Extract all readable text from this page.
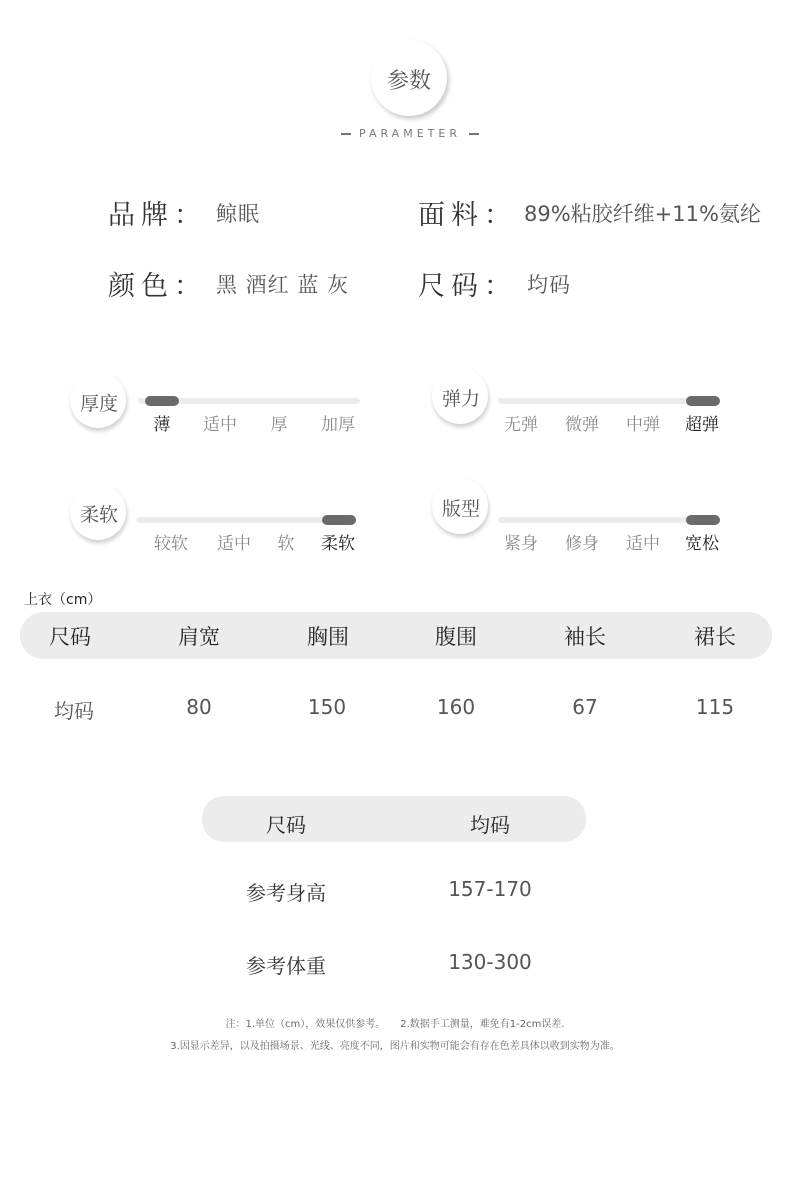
参数
PARAMETER
品牌： 鲸眠	面料： 89%粘胶纤维+11%氨纶
颜色： 黑 酒红 蓝 灰	尺码： 均码
厚度
薄	适中	厚	加厚
弹力
无弹	微弹	中弹	超弹
柔软
较软	适中	软	柔软
版型
紧身	修身	适中	宽松
上衣（cm）
尺码	肩宽	胸围	腹围	袖长	裙长
均码	80	150	160	67	115
尺码	均码
参考身高	157-170
参考体重	130-300
注：1.单位（cm），效果仅供参考。　　2.数据手工测量，难免有1-2cm误差.
3.因显示差异，以及拍摄场景、光线、亮度不同，图片和实物可能会有存在色差具体以收到实物为准。
